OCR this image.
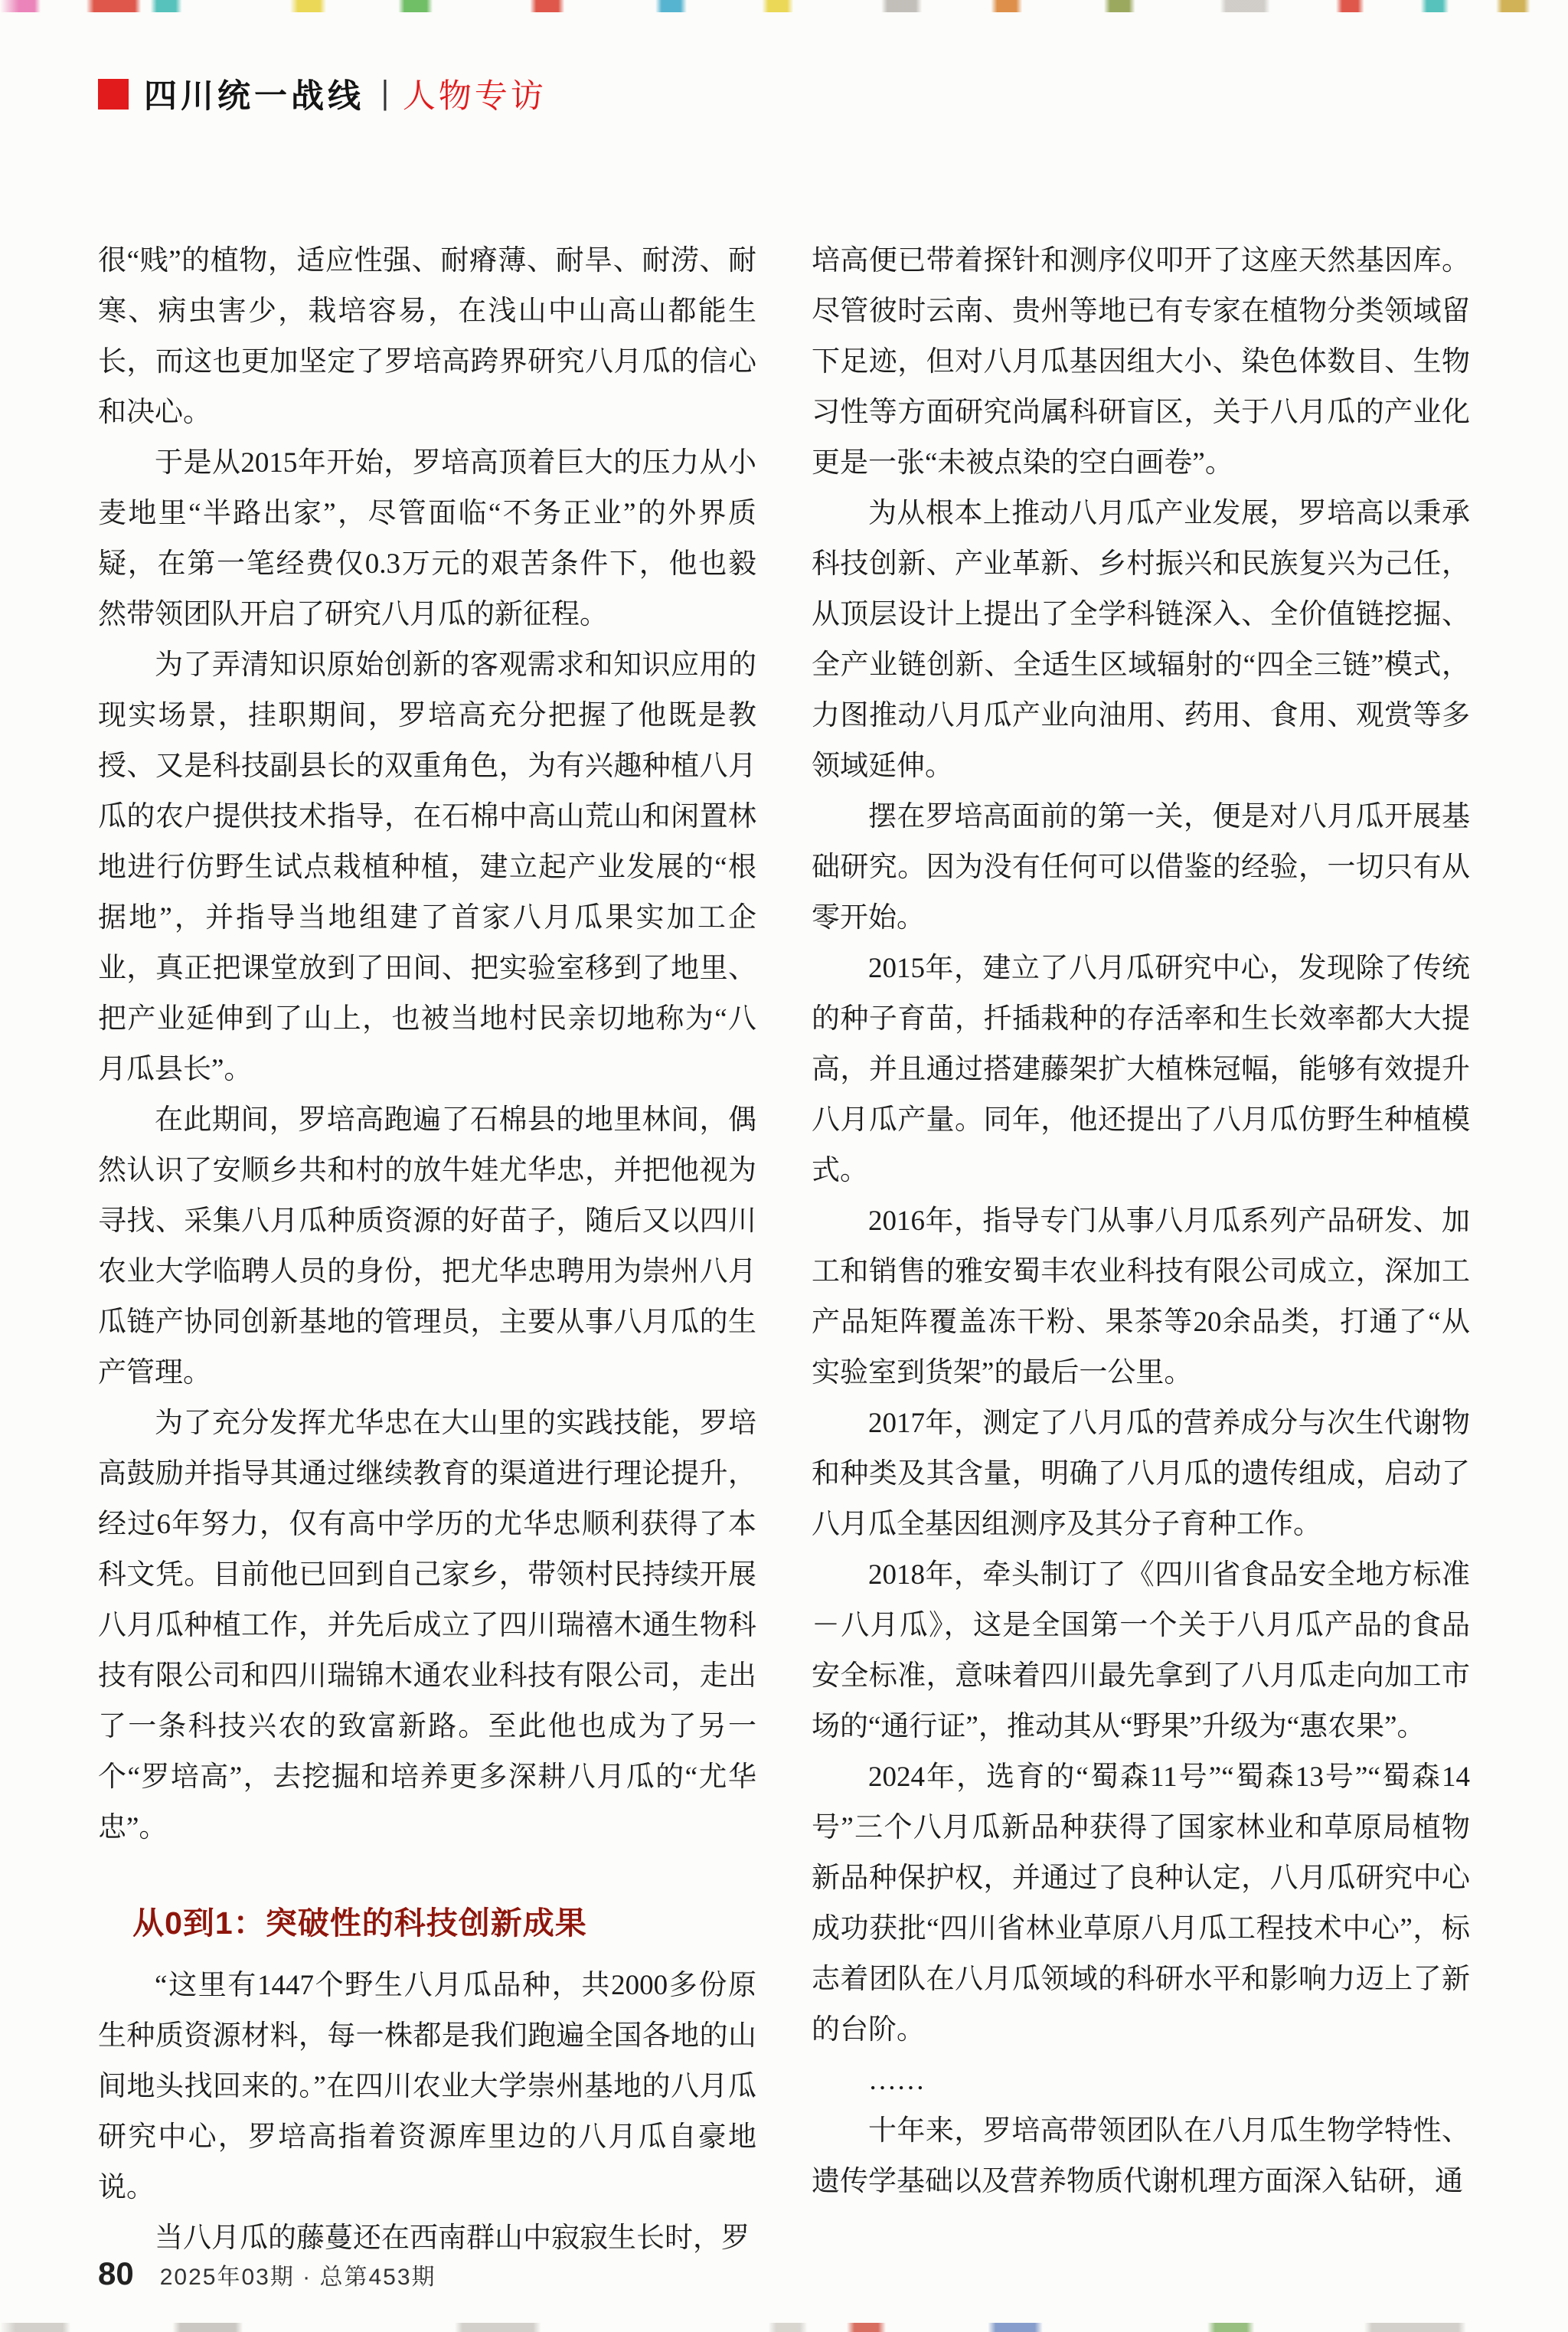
四川统一战线 | 人物专访

很“贱”的植物，适应性强、耐瘠薄、耐旱、耐涝、耐寒、病虫害少，栽培容易，在浅山中山高山都能生长，而这也更加坚定了罗培高跨界研究八月瓜的信心和决心。

于是从2015年开始，罗培高顶着巨大的压力从小麦地里“半路出家”，尽管面临“不务正业”的外界质疑，在第一笔经费仅0.3万元的艰苦条件下，他也毅然带领团队开启了研究八月瓜的新征程。

为了弄清知识原始创新的客观需求和知识应用的现实场景，挂职期间，罗培高充分把握了他既是教授、又是科技副县长的双重角色，为有兴趣种植八月瓜的农户提供技术指导，在石棉中高山荒山和闲置林地进行仿野生试点栽植种植，建立起产业发展的“根据地”，并指导当地组建了首家八月瓜果实加工企业，真正把课堂放到了田间、把实验室移到了地里、把产业延伸到了山上，也被当地村民亲切地称为“八月瓜县长”。

在此期间，罗培高跑遍了石棉县的地里林间，偶然认识了安顺乡共和村的放牛娃尤华忠，并把他视为寻找、采集八月瓜种质资源的好苗子，随后又以四川农业大学临聘人员的身份，把尤华忠聘用为崇州八月瓜链产协同创新基地的管理员，主要从事八月瓜的生产管理。

为了充分发挥尤华忠在大山里的实践技能，罗培高鼓励并指导其通过继续教育的渠道进行理论提升，经过6年努力，仅有高中学历的尤华忠顺利获得了本科文凭。目前他已回到自己家乡，带领村民持续开展八月瓜种植工作，并先后成立了四川瑞禧木通生物科技有限公司和四川瑞锦木通农业科技有限公司，走出了一条科技兴农的致富新路。至此他也成为了另一个“罗培高”，去挖掘和培养更多深耕八月瓜的“尤华忠”。

从0到1：突破性的科技创新成果

“这里有1447个野生八月瓜品种，共2000多份原生种质资源材料，每一株都是我们跑遍全国各地的山间地头找回来的。”在四川农业大学崇州基地的八月瓜研究中心，罗培高指着资源库里边的八月瓜自豪地说。

当八月瓜的藤蔓还在西南群山中寂寂生长时，罗

培高便已带着探针和测序仪叩开了这座天然基因库。尽管彼时云南、贵州等地已有专家在植物分类领域留下足迹，但对八月瓜基因组大小、染色体数目、生物习性等方面研究尚属科研盲区，关于八月瓜的产业化更是一张“未被点染的空白画卷”。

为从根本上推动八月瓜产业发展，罗培高以秉承科技创新、产业革新、乡村振兴和民族复兴为己任，从顶层设计上提出了全学科链深入、全价值链挖掘、全产业链创新、全适生区域辐射的“四全三链”模式，力图推动八月瓜产业向油用、药用、食用、观赏等多领域延伸。

摆在罗培高面前的第一关，便是对八月瓜开展基础研究。因为没有任何可以借鉴的经验，一切只有从零开始。

2015年，建立了八月瓜研究中心，发现除了传统的种子育苗，扦插栽种的存活率和生长效率都大大提高，并且通过搭建藤架扩大植株冠幅，能够有效提升八月瓜产量。同年，他还提出了八月瓜仿野生种植模式。

2016年，指导专门从事八月瓜系列产品研发、加工和销售的雅安蜀丰农业科技有限公司成立，深加工产品矩阵覆盖冻干粉、果茶等20余品类，打通了“从实验室到货架”的最后一公里。

2017年，测定了八月瓜的营养成分与次生代谢物和种类及其含量，明确了八月瓜的遗传组成，启动了八月瓜全基因组测序及其分子育种工作。

2018年，牵头制订了《四川省食品安全地方标准－八月瓜》，这是全国第一个关于八月瓜产品的食品安全标准，意味着四川最先拿到了八月瓜走向加工市场的“通行证”，推动其从“野果”升级为“惠农果”。

2024年，选育的“蜀森11号”“蜀森13号”“蜀森14号”三个八月瓜新品种获得了国家林业和草原局植物新品种保护权，并通过了良种认定，八月瓜研究中心成功获批“四川省林业草原八月瓜工程技术中心”，标志着团队在八月瓜领域的科研水平和影响力迈上了新的台阶。

……

十年来，罗培高带领团队在八月瓜生物学特性、遗传学基础以及营养物质代谢机理方面深入钻研，通

80 2025年03期 · 总第453期
